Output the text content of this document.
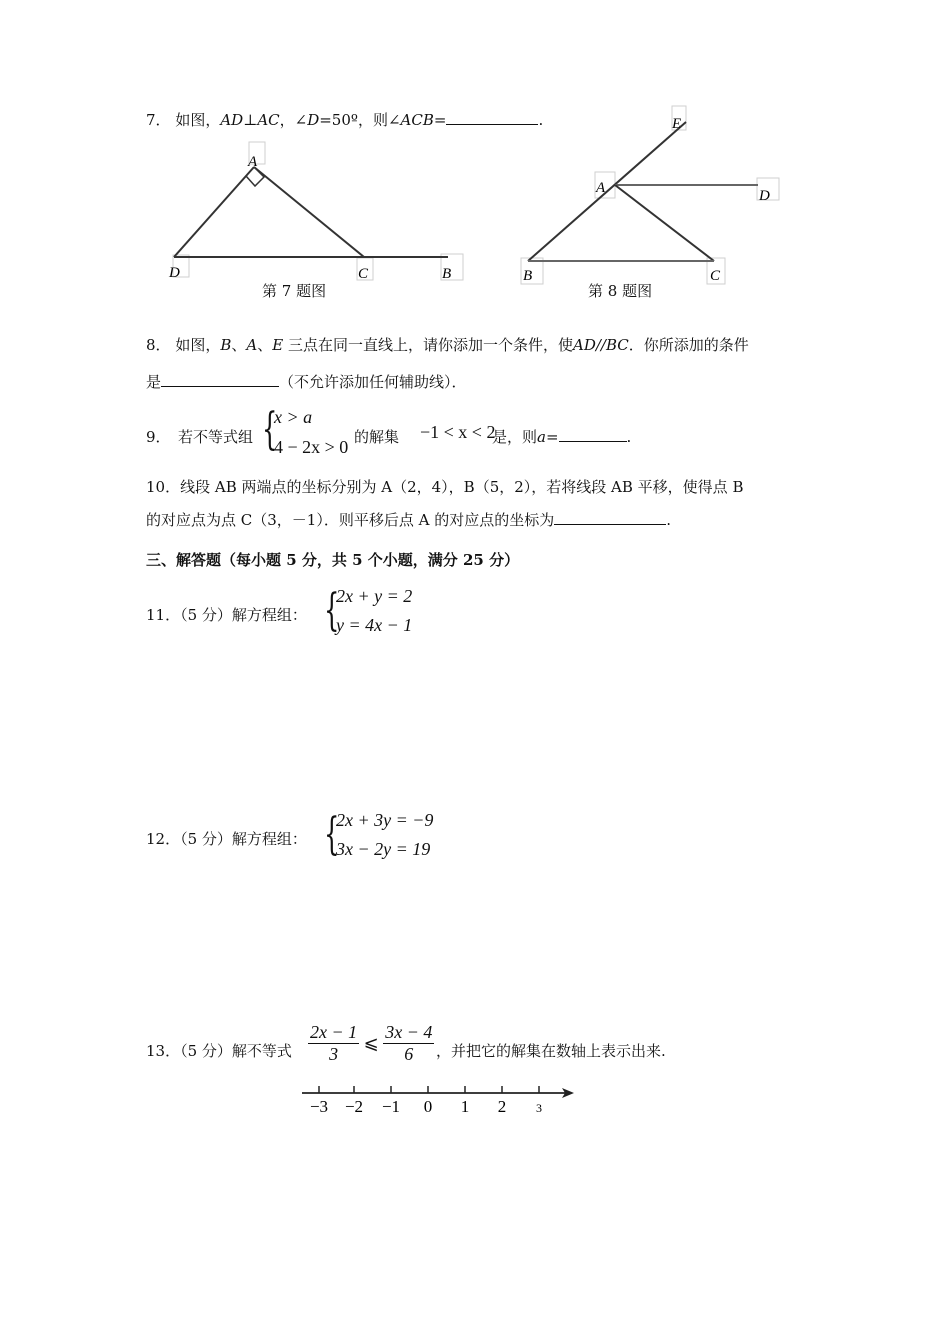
7． 如图，AD⊥AC，∠D=50º，则∠ACB=	.
A
D	C	B
第 7 题图
E
A	D
B	C
第 8 题图
8． 如图，B、A、E 三点在同一直线上，请你添加一个条件，使AD//BC．你所添加的条件
是	（不允许添加任何辅助线）．
9． 若不等式组 {
x > a
4 − 2x > 0 的解集 −1 < x < 2
是，则a=	.
10．线段 AB 两端点的坐标分别为 A（2，4），B（5，2），若将线段 AB 平移，使得点 B
的对应点为点 C（3，－1）．则平移后点 A 的对应点的坐标为	.
三、解答题（每小题 5 分，共 5 个小题，满分 25 分）
11．（5 分）解方程组： {
2x + y = 2
y = 4x − 1
12．（5 分）解方程组： {
2x + 3y = −9
3x − 2y = 19
13．（5 分）解不等式 $\frac{2x - 1}{3}$ ⩽ $\frac{3x - 4}{6}$ ，并把它的解集在数轴上表示出来.
−3 −2 −1 0 1 2 3
